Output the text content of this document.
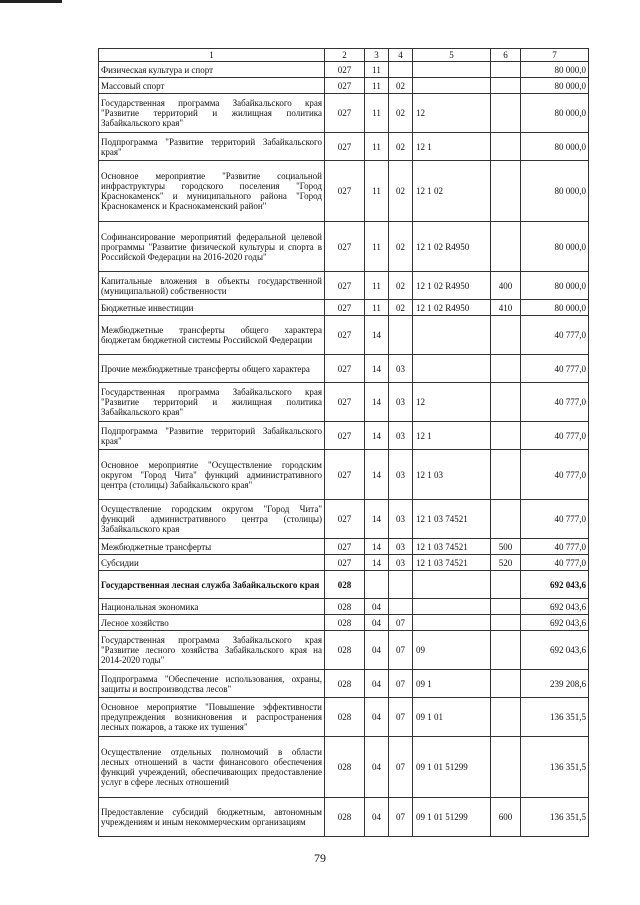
1	2	3	4	5	6	7
Физическая культура и спорт	027	11				80 000,0
Массовый спорт	027	11	02			80 000,0
Государственная программа Забайкальского края "Развитие территорий и жилищная политика Забайкальского края"	027	11	02	12		80 000,0
Подпрограмма "Развитие территорий Забайкальского края"	027	11	02	12 1		80 000,0
Основное мероприятие "Развитие социальной инфраструктуры городского поселения "Город Краснокаменск" и муниципального района "Город Краснокаменск и Краснокаменский район"	027	11	02	12 1 02		80 000,0
Софинансирование мероприятий федеральной целевой программы "Развитие физической культуры и спорта в Российской Федерации на 2016-2020 годы"	027	11	02	12 1 02 R4950		80 000,0
Капитальные вложения в объекты государственной (муниципальной) собственности	027	11	02	12 1 02 R4950	400	80 000,0
Бюджетные инвестиции	027	11	02	12 1 02 R4950	410	80 000,0
Межбюджетные трансферты общего характера бюджетам бюджетной системы Российской Федерации	027	14				40 777,0
Прочие межбюджетные трансферты общего характера	027	14	03			40 777,0
Государственная программа Забайкальского края "Развитие территорий и жилищная политика Забайкальского края"	027	14	03	12		40 777,0
Подпрограмма "Развитие территорий Забайкальского края"	027	14	03	12 1		40 777,0
Основное мероприятие "Осуществление городским округом "Город Чита" функций административного центра (столицы) Забайкальского края"	027	14	03	12 1 03		40 777,0
Осуществление городским округом "Город Чита" функций административного центра (столицы) Забайкальского края	027	14	03	12 1 03 74521		40 777,0
Межбюджетные трансферты	027	14	03	12 1 03 74521	500	40 777,0
Субсидии	027	14	03	12 1 03 74521	520	40 777,0
Государственная лесная служба Забайкальского края	028					692 043,6
Национальная экономика	028	04				692 043,6
Лесное хозяйство	028	04	07			692 043,6
Государственная программа Забайкальского края "Развитие лесного хозяйства Забайкальского края на 2014-2020 годы"	028	04	07	09		692 043,6
Подпрограмма "Обеспечение использования, охраны, защиты и воспроизводства лесов"	028	04	07	09 1		239 208,6
Основное мероприятие "Повышение эффективности предупреждения возникновения и распространения лесных пожаров, а также их тушения"	028	04	07	09 1 01		136 351,5
Осуществление отдельных полномочий в области лесных отношений в части финансового обеспечения функций учреждений, обеспечивающих предоставление услуг в сфере лесных отношений	028	04	07	09 1 01 51299		136 351,5
Предоставление субсидий бюджетным, автономным учреждениям и иным некоммерческим организациям	028	04	07	09 1 01 51299	600	136 351,5
79
